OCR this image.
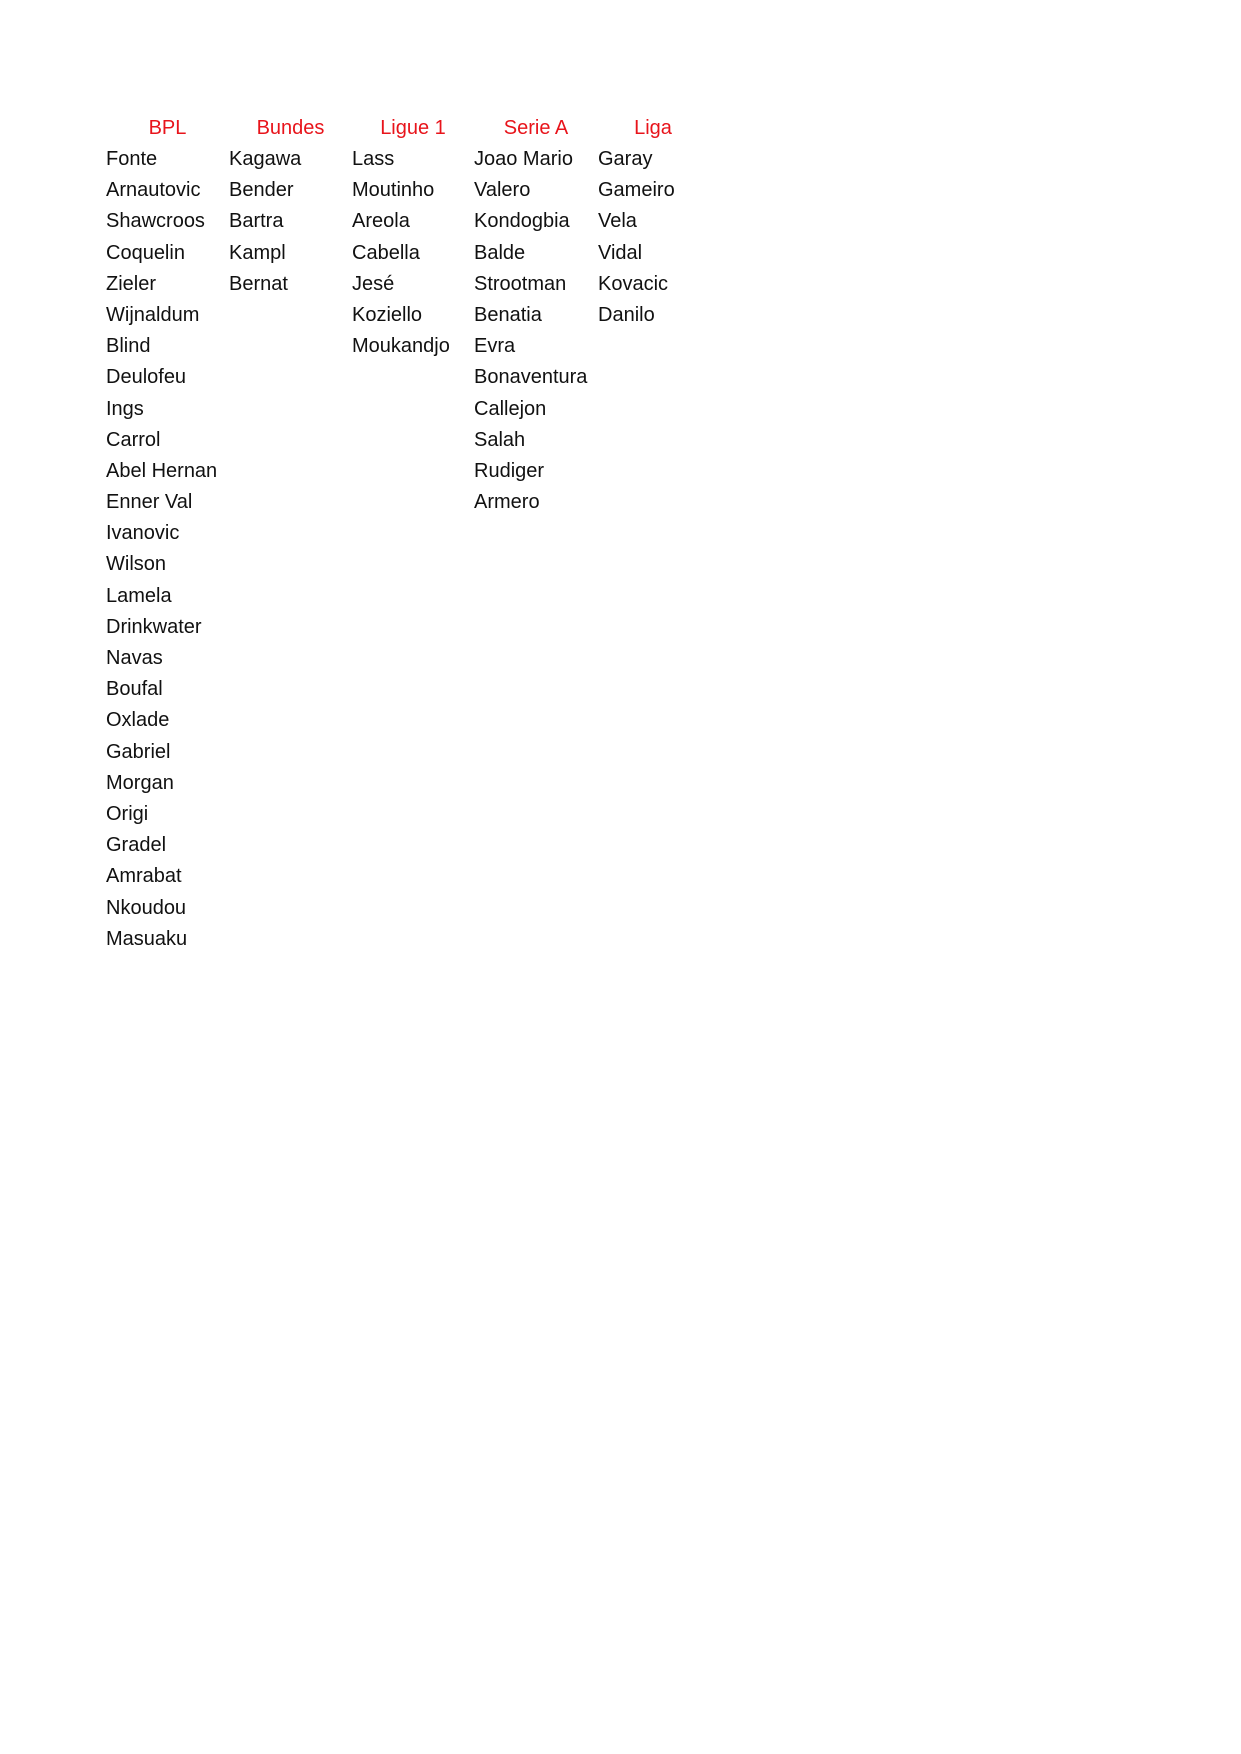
BPL
Fonte
Arnautovic
Shawcroos
Coquelin
Zieler
Wijnaldum
Blind
Deulofeu
Ings
Carrol
Abel Hernan
Enner Val
Ivanovic
Wilson
Lamela
Drinkwater
Navas
Boufal
Oxlade
Gabriel
Morgan
Origi
Gradel
Amrabat
Nkoudou
Masuaku
Bundes
Kagawa
Bender
Bartra
Kampl
Bernat
Ligue 1
Lass
Moutinho
Areola
Cabella
Jesé
Koziello
Moukandjo
Serie A
Joao Mario
Valero
Kondogbia
Balde
Strootman
Benatia
Evra
Bonaventura
Callejon
Salah
Rudiger
Armero
Liga
Garay
Gameiro
Vela
Vidal
Kovacic
Danilo
